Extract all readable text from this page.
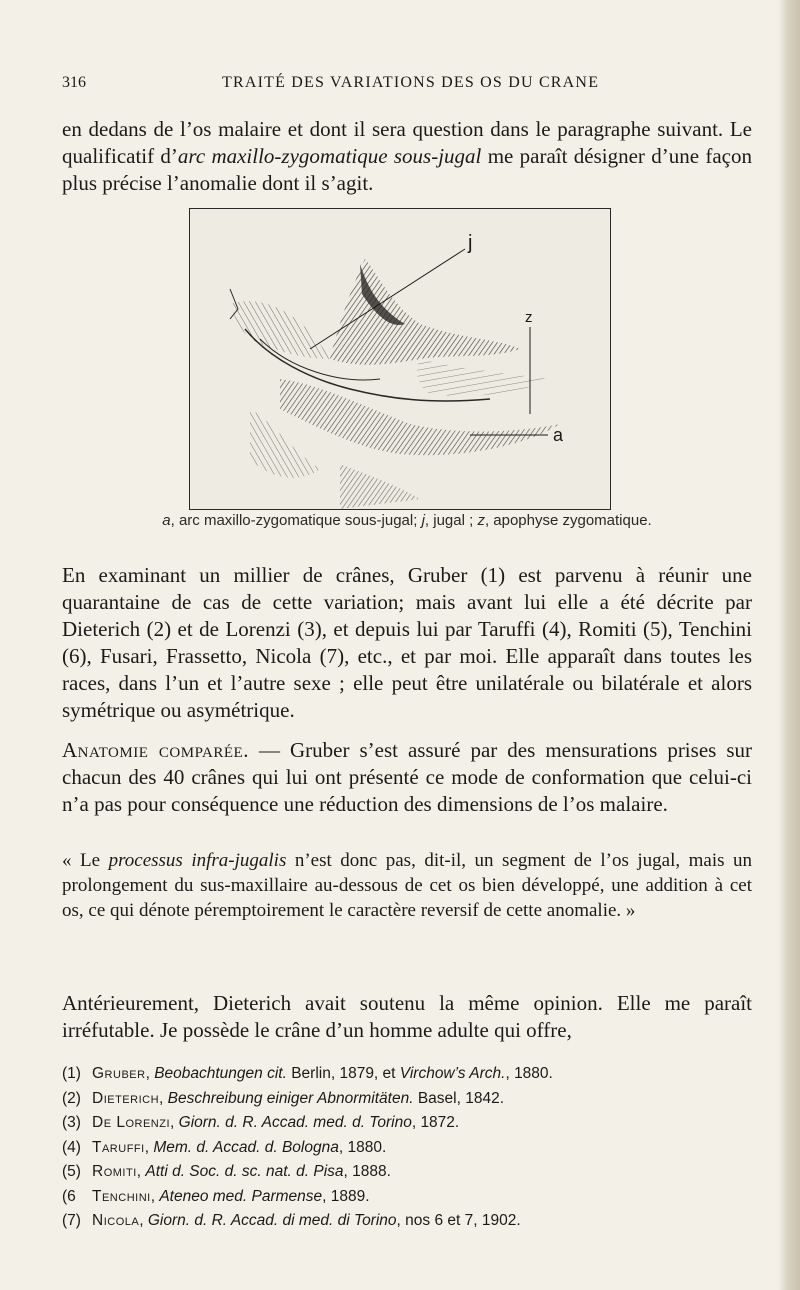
316	TRAITÉ DES VARIATIONS DES OS DU CRANE

en dedans de l’os malaire et dont il sera question dans le paragraphe suivant. Le qualificatif d’arc maxillo-zygomatique sous-jugal me paraît désigner d’une façon plus précise l’anomalie dont il s’agit.

j
z
a
a, arc maxillo-zygomatique sous-jugal; j, jugal ; z, apophyse zygomatique.

En examinant un millier de crânes, Gruber (1) est parvenu à réunir une quarantaine de cas de cette variation; mais avant lui elle a été décrite par Dieterich (2) et de Lorenzi (3), et depuis lui par Taruffi (4), Romiti (5), Tenchini (6), Fusari, Frassetto, Nicola (7), etc., et par moi. Elle apparaît dans toutes les races, dans l’un et l’autre sexe ; elle peut être unilatérale ou bilatérale et alors symétrique ou asymétrique.

Anatomie comparée. — Gruber s’est assuré par des mensurations prises sur chacun des 40 crânes qui lui ont présenté ce mode de conformation que celui-ci n’a pas pour conséquence une réduction des dimensions de l’os malaire.

« Le processus infra-jugalis n’est donc pas, dit-il, un segment de l’os jugal, mais un prolongement du sus-maxillaire au-dessous de cet os bien développé, une addition à cet os, ce qui dénote péremptoirement le caractère reversif de cette anomalie. »

Antérieurement, Dieterich avait soutenu la même opinion. Elle me paraît irréfutable. Je possède le crâne d’un homme adulte qui offre,

(1) Gruber, Beobachtungen cit. Berlin, 1879, et Virchow’s Arch., 1880.
(2) Dieterich, Beschreibung einiger Abnormitäten. Basel, 1842.
(3) De Lorenzi, Giorn. d. R. Accad. med. d. Torino, 1872.
(4) Taruffi, Mem. d. Accad. d. Bologna, 1880.
(5) Romiti, Atti d. Soc. d. sc. nat. d. Pisa, 1888.
(6 Tenchini, Ateneo med. Parmense, 1889.
(7) Nicola, Giorn. d. R. Accad. di med. di Torino, nos 6 et 7, 1902.
